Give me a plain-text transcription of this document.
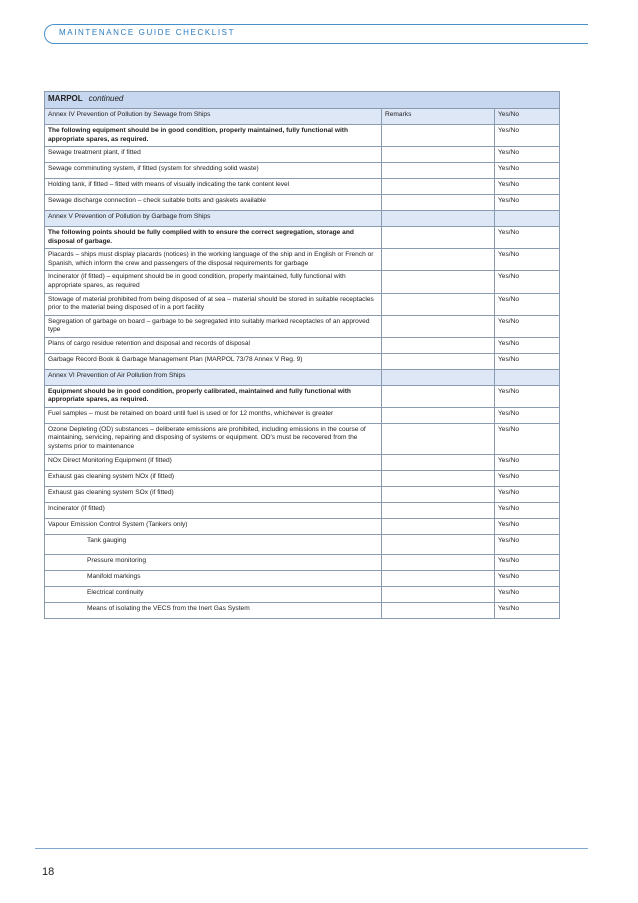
MAINTENANCE GUIDE CHECKLIST
MARPOL continued		
Annex IV Prevention of Pollution by Sewage from Ships	Remarks	Yes/No
The following equipment should be in good condition, properly maintained, fully functional with appropriate spares, as required.		Yes/No
Sewage treatment plant, if fitted		Yes/No
Sewage comminuting system, if fitted (system for shredding solid waste)		Yes/No
Holding tank, if fitted – fitted with means of visually indicating the tank content level		Yes/No
Sewage discharge connection – check suitable bolts and gaskets available		Yes/No
Annex V Prevention of Pollution by Garbage from Ships		
The following points should be fully complied with to ensure the correct segregation, storage and disposal of garbage.		Yes/No
Placards – ships must display placards (notices) in the working language of the ship and in English or French or Spanish, which inform the crew and passengers of the disposal requirements for garbage		Yes/No
Incinerator (if fitted) – equipment should be in good condition, properly maintained, fully functional with appropriate spares, as required		Yes/No
Stowage of material prohibited from being disposed of at sea – material should be stored in suitable receptacles prior to the material being disposed of in a port facility		Yes/No
Segregation of garbage on board – garbage to be segregated into suitably marked receptacles of an approved type		Yes/No
Plans of cargo residue retention and disposal and records of disposal		Yes/No
Garbage Record Book & Garbage Management Plan (MARPOL 73/78 Annex V Reg. 9)		Yes/No
Annex VI Prevention of Air Pollution from Ships		
Equipment should be in good condition, properly calibrated, maintained and fully functional with appropriate spares, as required.		Yes/No
Fuel samples – must be retained on board until fuel is used or for 12 months, whichever is greater		Yes/No
Ozone Depleting (OD) substances – deliberate emissions are prohibited, including emissions in the course of maintaining, servicing, repairing and disposing of systems or equipment. OD's must be recovered from the systems prior to maintenance		Yes/No
NOx Direct Monitoring Equipment (if fitted)		Yes/No
Exhaust gas cleaning system NOx (if fitted)		Yes/No
Exhaust gas cleaning system SOx (if fitted)		Yes/No
Incinerator (if fitted)		Yes/No
Vapour Emission Control System (Tankers only)		Yes/No
Tank gauging		Yes/No
Pressure monitoring		Yes/No
Manifold markings		Yes/No
Electrical continuity		Yes/No
Means of isolating the VECS from the Inert Gas System		Yes/No
18
